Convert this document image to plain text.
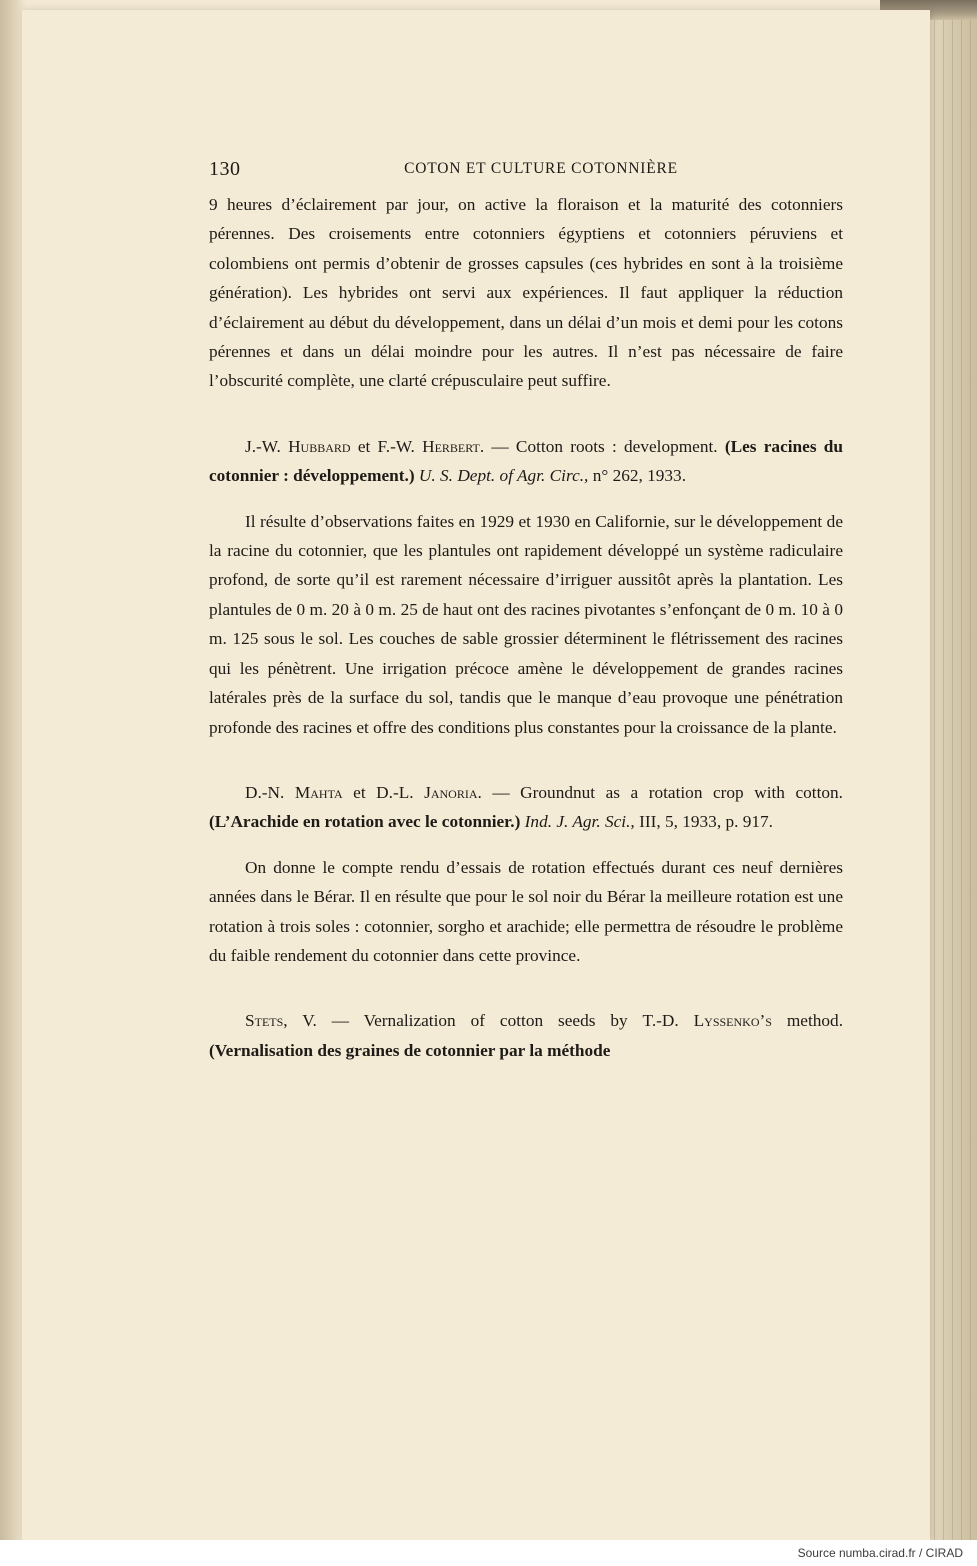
130	COTON ET CULTURE COTONNIÈRE

9 heures d’éclairement par jour, on active la floraison et la maturité des cotonniers pérennes. Des croisements entre cotonniers égyptiens et cotonniers péruviens et colombiens ont permis d’obtenir de grosses capsules (ces hybrides en sont à la troisième génération). Les hybrides ont servi aux expériences. Il faut appliquer la réduction d’éclairement au début du développement, dans un délai d’un mois et demi pour les cotons pérennes et dans un délai moindre pour les autres. Il n’est pas nécessaire de faire l’obscurité complète, une clarté crépusculaire peut suffire.

J.-W. Hubbard et F.-W. Herbert. — Cotton roots : development. (Les racines du cotonnier : développement.) U. S. Dept. of Agr. Circ., n° 262, 1933.

Il résulte d’observations faites en 1929 et 1930 en Californie, sur le développement de la racine du cotonnier, que les plantules ont rapidement développé un système radiculaire profond, de sorte qu’il est rarement nécessaire d’irriguer aussitôt après la plantation. Les plantules de 0 m. 20 à 0 m. 25 de haut ont des racines pivotantes s’enfonçant de 0 m. 10 à 0 m. 125 sous le sol. Les couches de sable grossier déterminent le flétrissement des racines qui les pénètrent. Une irrigation précoce amène le développement de grandes racines latérales près de la surface du sol, tandis que le manque d’eau provoque une pénétration profonde des racines et offre des conditions plus constantes pour la croissance de la plante.

D.-N. Mahta et D.-L. Janoria. — Groundnut as a rotation crop with cotton. (L’Arachide en rotation avec le cotonnier.) Ind. J. Agr. Sci., III, 5, 1933, p. 917.

On donne le compte rendu d’essais de rotation effectués durant ces neuf dernières années dans le Bérar. Il en résulte que pour le sol noir du Bérar la meilleure rotation est une rotation à trois soles : cotonnier, sorgho et arachide; elle permettra de résoudre le problème du faible rendement du cotonnier dans cette province.

Stets, V. — Vernalization of cotton seeds by T.-D. Lyssenko’s method. (Vernalisation des graines de cotonnier par la méthode

Source numba.cirad.fr / CIRAD
